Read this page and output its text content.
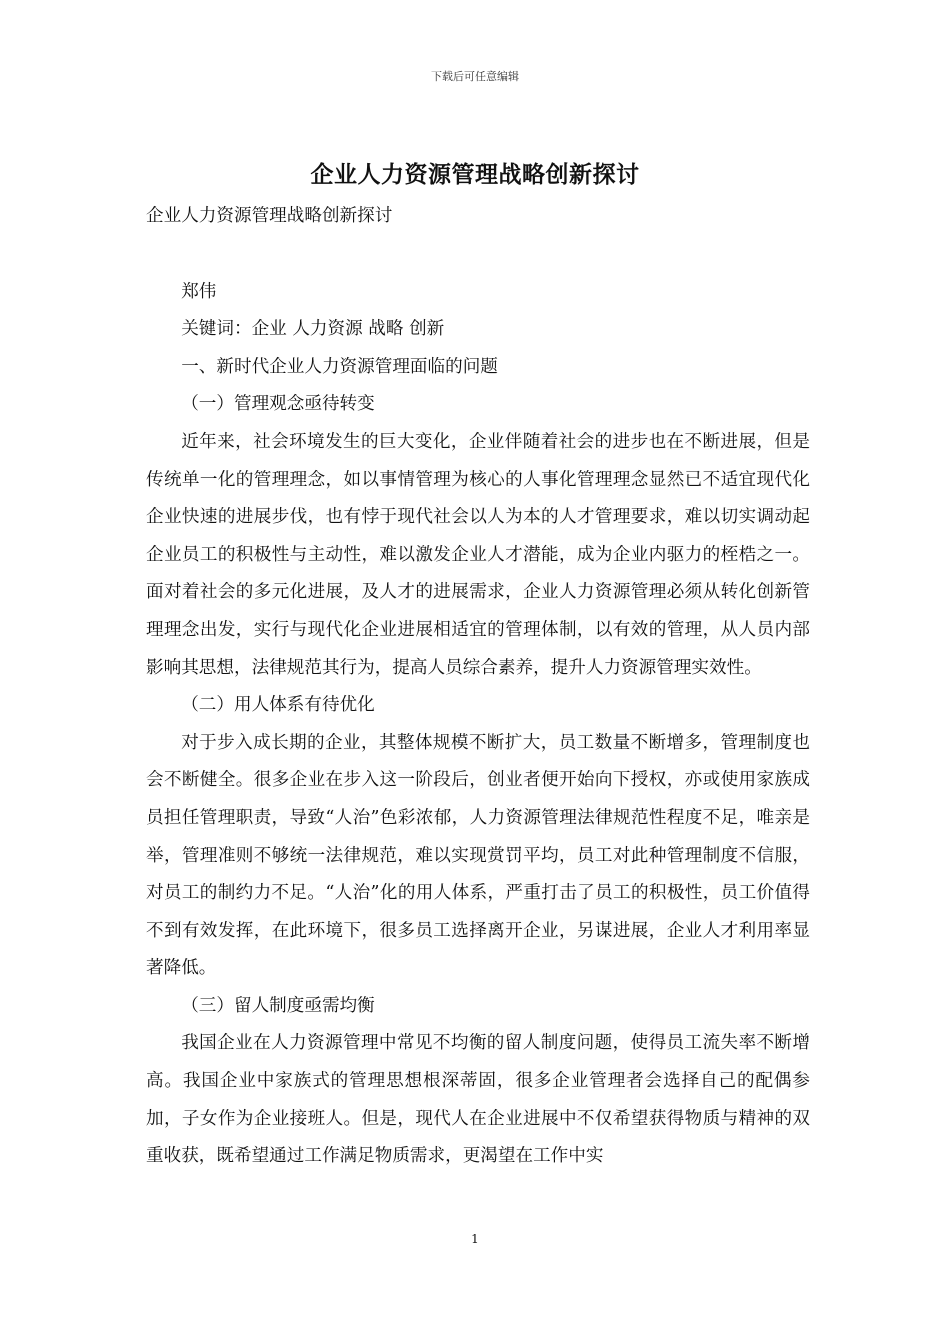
下载后可任意编辑
企业人力资源管理战略创新探讨

企业人力资源管理战略创新探讨

郑伟

关键词：企业 人力资源 战略 创新

一、新时代企业人力资源管理面临的问题

（一）管理观念亟待转变

近年来，社会环境发生的巨大变化，企业伴随着社会的进步也在不断进展，但是传统单一化的管理理念，如以事情管理为核心的人事化管理理念显然已不适宜现代化企业快速的进展步伐，也有悖于现代社会以人为本的人才管理要求，难以切实调动起企业员工的积极性与主动性，难以激发企业人才潜能，成为企业内驱力的桎梏之一。面对着社会的多元化进展，及人才的进展需求，企业人力资源管理必须从转化创新管理理念出发，实行与现代化企业进展相适宜的管理体制，以有效的管理，从人员内部影响其思想，法律规范其行为，提高人员综合素养，提升人力资源管理实效性。

（二）用人体系有待优化

对于步入成长期的企业，其整体规模不断扩大，员工数量不断增多，管理制度也会不断健全。很多企业在步入这一阶段后，创业者便开始向下授权，亦或使用家族成员担任管理职责，导致“人治”色彩浓郁，人力资源管理法律规范性程度不足，唯亲是举，管理准则不够统一法律规范，难以实现赏罚平均，员工对此种管理制度不信服，对员工的制约力不足。“人治”化的用人体系，严重打击了员工的积极性，员工价值得不到有效发挥，在此环境下，很多员工选择离开企业，另谋进展，企业人才利用率显著降低。

（三）留人制度亟需均衡

我国企业在人力资源管理中常见不均衡的留人制度问题，使得员工流失率不断增高。我国企业中家族式的管理思想根深蒂固，很多企业管理者会选择自己的配偶参加，子女作为企业接班人。但是，现代人在企业进展中不仅希望获得物质与精神的双重收获，既希望通过工作满足物质需求，更渴望在工作中实

1
